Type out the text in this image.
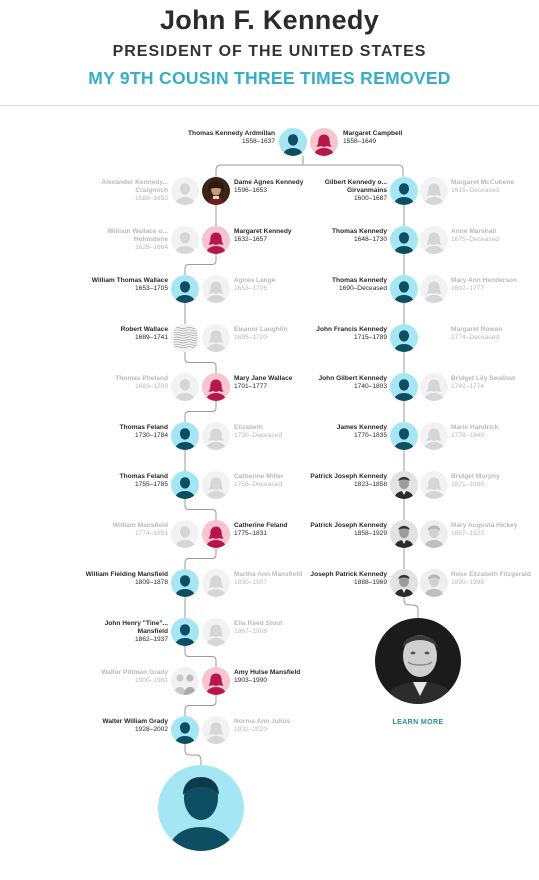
John F. Kennedy
PRESIDENT OF THE UNITED STATES
MY 9TH COUSIN THREE TIMES REMOVED
Thomas Kennedy Ardmillan
1558–1637
Margaret Campbell
1558–1649
Alexander Kennedy... Craignoch
1588–1652
Dame Agnes Kennedy
1596–1653
William Wallace o... Holmstone
1625–1664
Margaret Kennedy
1632–1657
William Thomas Wallace
1653–1705
Agnes Lange
1653–1726
Robert Wallace
1689–1741
Eleanor Laughlin
1695–1720
Thomas Pheland
1683–1709
Mary Jane Wallace
1701–1777
Thomas Feland
1730–1784
Elizabeth
1730–Deceased
Thomas Feland
1755–1785
Catherine Miller
1758–Deceased
William Mansfield
1774–1851
Catherine Feland
1775–1831
William Fielding Mansfield
1809–1878
Martha Ann Mansfield
1830–1907
John Henry "Tine"... Mansfield
1862–1937
Ella Reed Stout
1867–1908
Walter Pittman Grady
1900–1981
Amy Hulse Mansfield
1903–1990
Walter William Grady
1928–2002
Norma Ann Julius
1932–2020
Gilbert Kennedy o... Girvanmains
1600–1687
Margaret McCubene
1615–Deceased
Thomas Kennedy
1648–1730
Anne Marshall
1675–Deceased
Thomas Kennedy
1690–Deceased
Mary Ann Henderson
1692–1777
John Francis Kennedy
1715–1789
Margaret Rowan
1774–Deceased
John Gilbert Kennedy
1740–1803
Bridget Lily Swallow
1742–1774
James Kennedy
1770–1835
Marie Handrick
1779–1848
Patrick Joseph Kennedy
1823–1858
Bridget Murphy
1821–1888
Patrick Joseph Kennedy
1858–1929
Mary Augusta Hickey
1857–1923
Joseph Patrick Kennedy
1888–1969
Rose Elizabeth Fitzgerald
1890–1995
LEARN MORE
